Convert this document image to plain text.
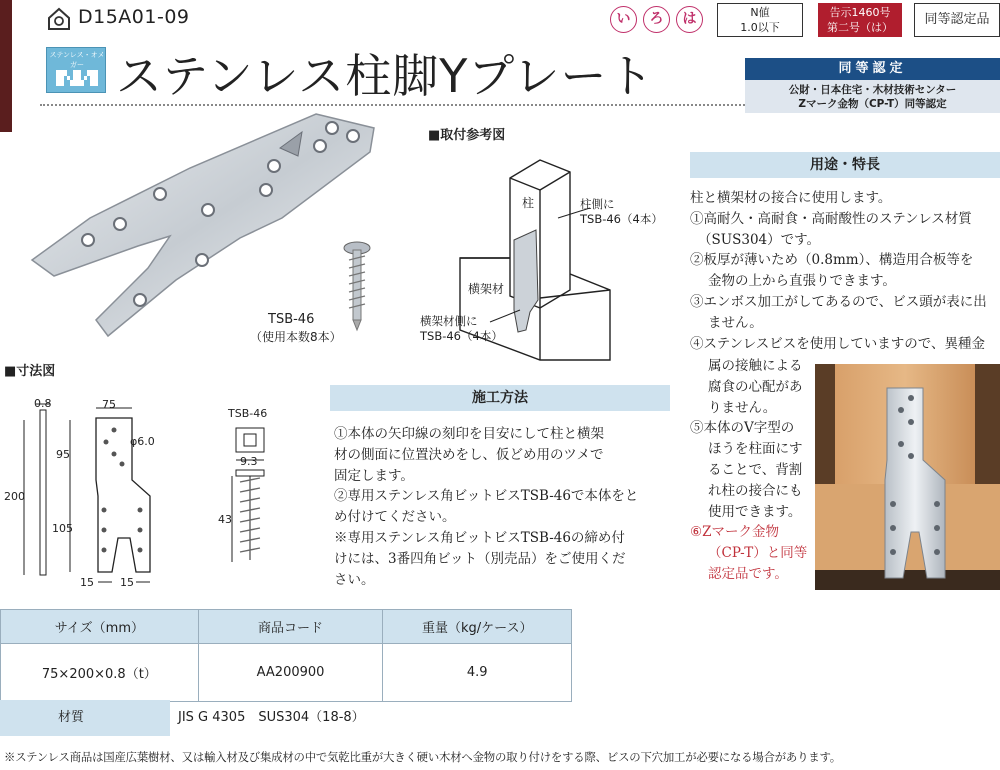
D15A01-09	い	ろ	は	N値
1.0以下
告示1460号
第二号（は）
同等認定品
ステンレス・オメガー ステンレス柱脚Yプレート	同等認定
公財・日本住宅・木材技術センター
Zマーク金物（CP-T）同等認定
■取付参考図
柱
横架材
柱側に
TSB-46（4本）
横架材側に
TSB-46（4本）
TSB-46
（使用本数8本）
■寸法図
0.8	75
φ6.0
95
200
105
15 15
TSB-46
9.3
43
施工方法
①本体の矢印線の刻印を目安にして柱と横架
材の側面に位置決めをし、仮どめ用のツメで
固定します。
②専用ステンレス角ビットビスTSB-46で本体をと
め付けてください。
※専用ステンレス角ビットビスTSB-46の締め付
けには、3番四角ビット（別売品）をご使用くだ
さい。
用途・特長
柱と横架材の接合に使用します。
①高耐久・高耐食・高耐酸性のステンレス材質
（SUS304）です。
②板厚が薄いため（0.8mm）、構造用合板等を
金物の上から直張りできます。
③エンボス加工がしてあるので、ビス頭が表に出
ません。
④ステンレスビスを使用していますので、異種金
属の接触による
腐食の心配があ
りません。
⑤本体のV字型の
ほうを柱面にす
ることで、背割
れ柱の接合にも
使用できます。
⑥Zマーク金物
（CP-T）と同等
認定品です。
サイズ（mm）	商品コード	重量（kg/ケース）
75×200×0.8（t）	AA200900	4.9
材質	JIS G 4305　SUS304（18-8）
※ステンレス商品は国産広葉樹材、又は輸入材及び集成材の中で気乾比重が大きく硬い木材へ金物の取り付けをする際、ビスの下穴加工が必要になる場合があります。
